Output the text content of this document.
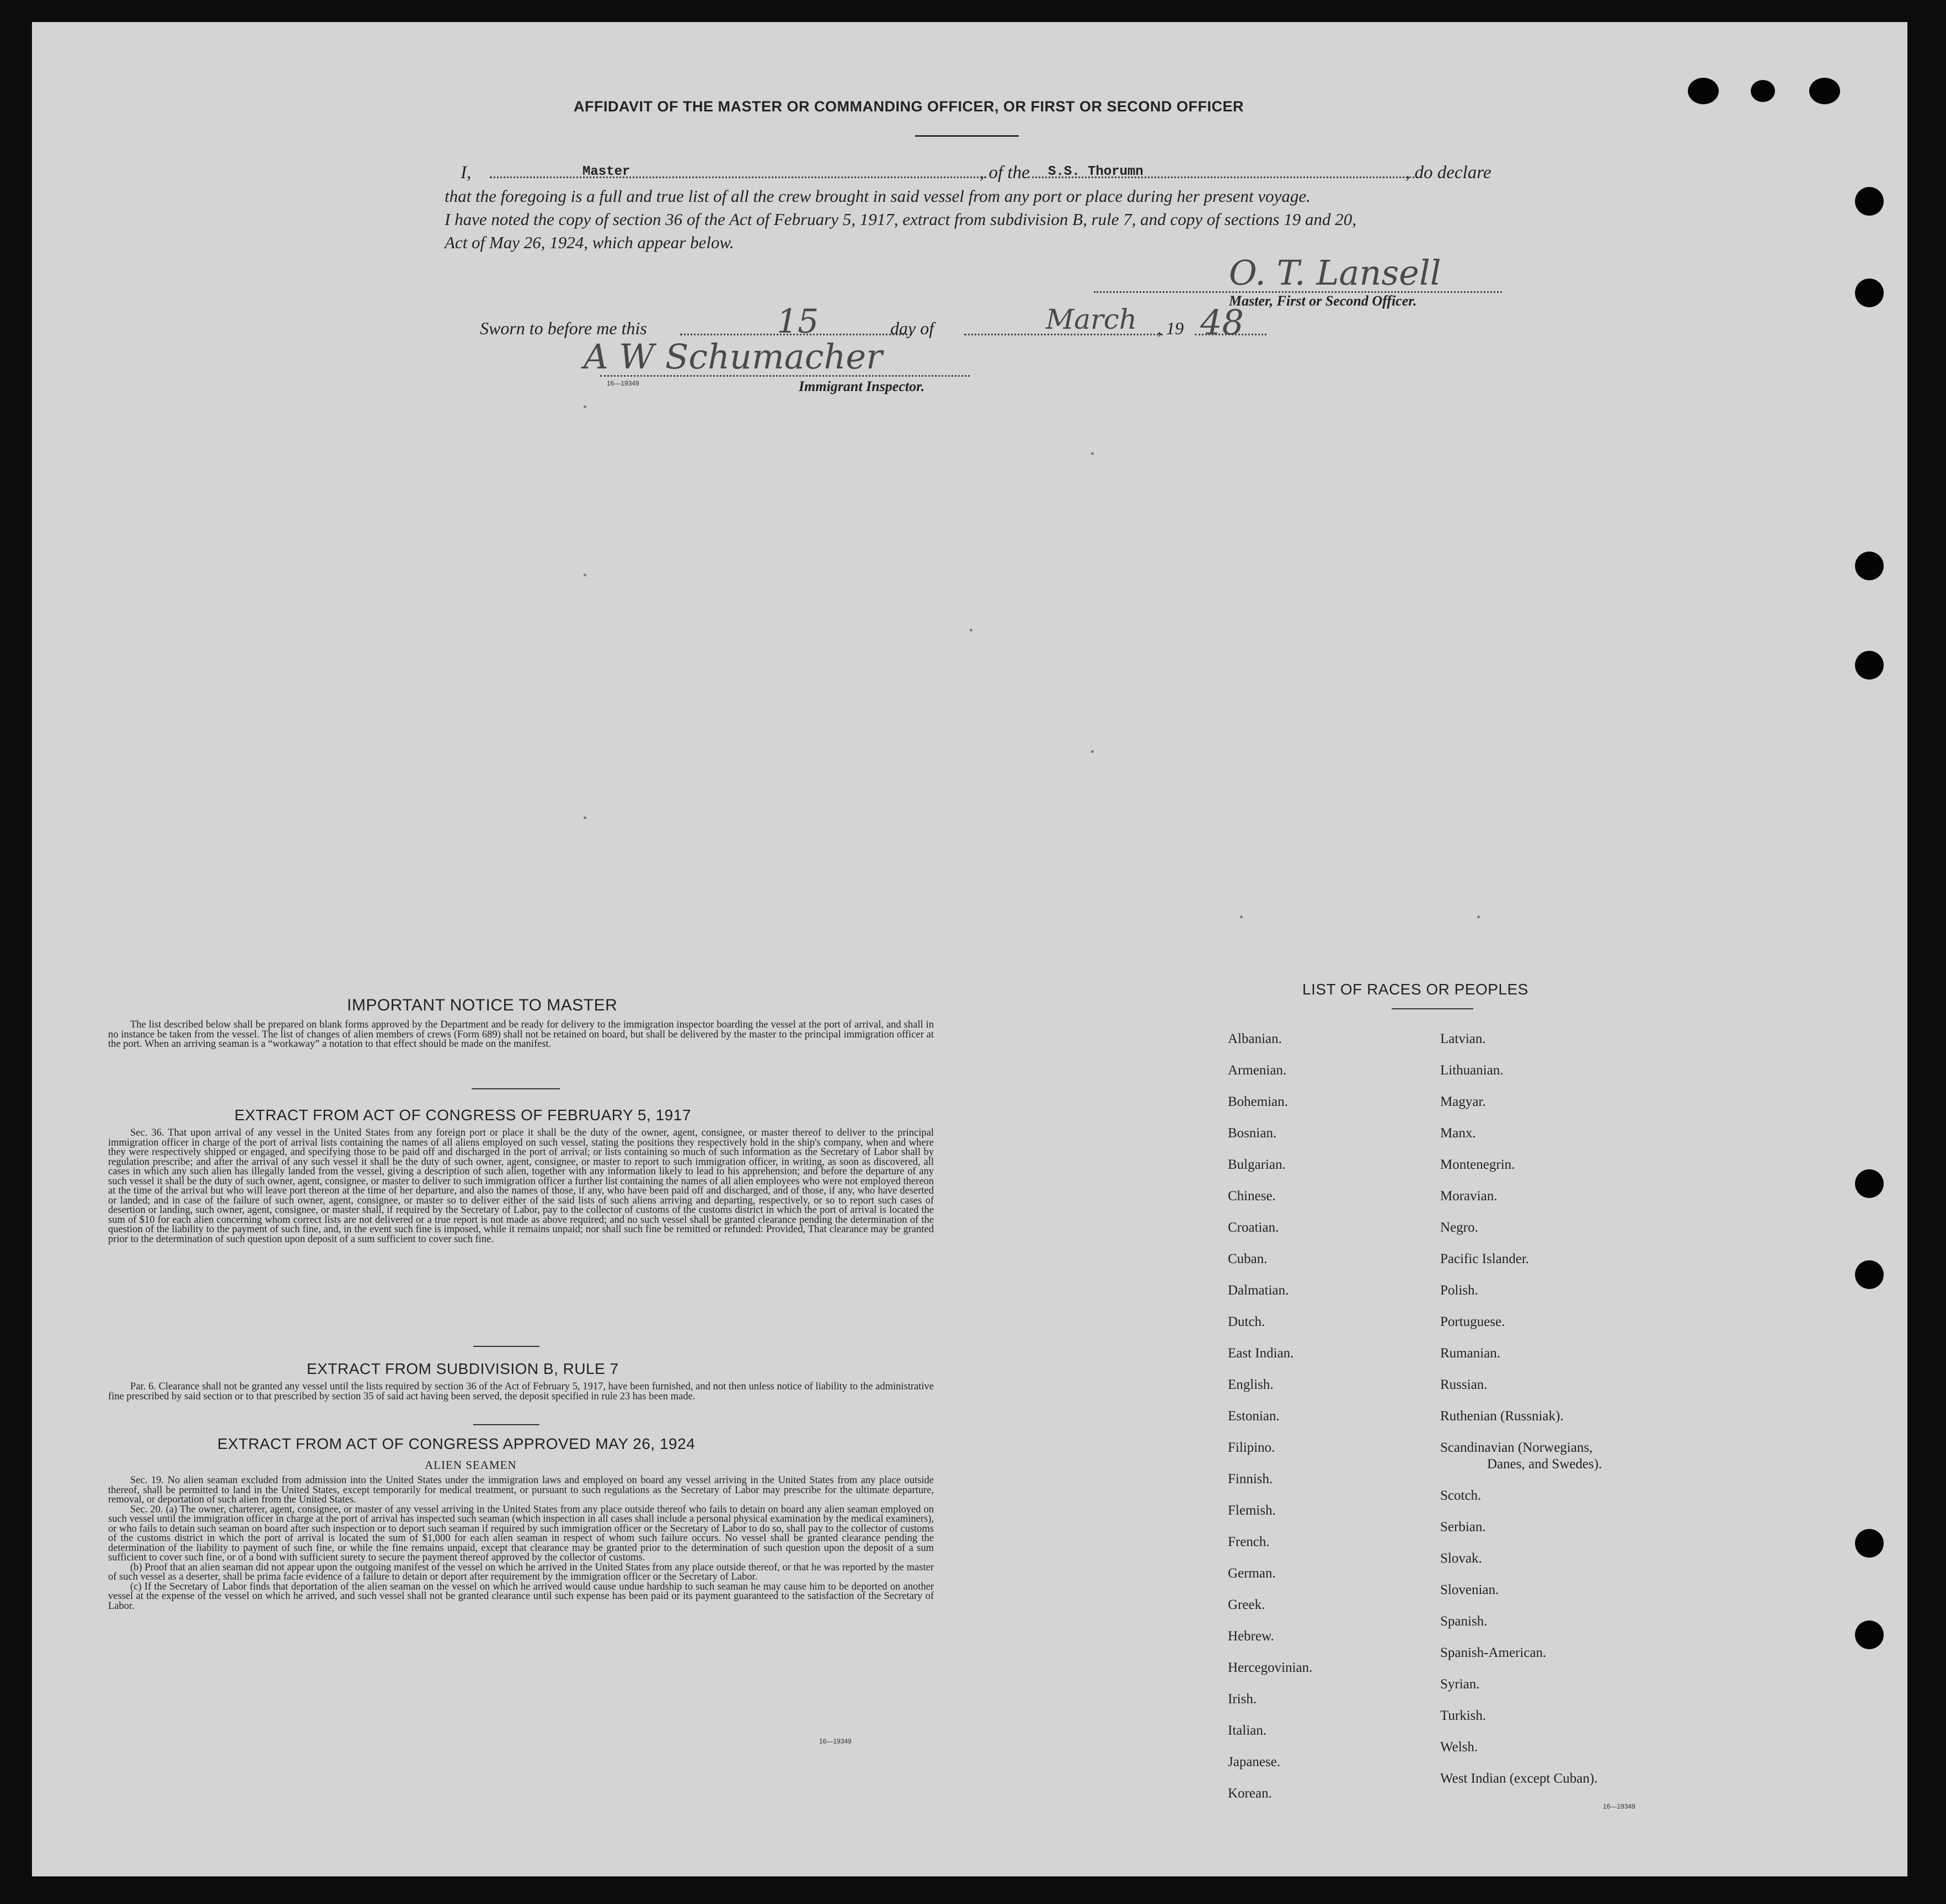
AFFIDAVIT OF THE MASTER OR COMMANDING OFFICER, OR FIRST OR SECOND OFFICER
I,	Master	, of the S.S. Thorumn	, do declare
that the foregoing is a full and true list of all the crew brought in said vessel from any port or place during her present voyage.
I have noted the copy of section 36 of the Act of February 5, 1917, extract from subdivision B, rule 7, and copy of sections 19 and 20,
Act of May 26, 1924, which appear below.
O. T. Lansell
Master, First or Second Officer.
Sworn to before me this	15	day of	March , 19 48
A W Schumacher
16—19349	Immigrant Inspector.
IMPORTANT NOTICE TO MASTER

The list described below shall be prepared on blank forms approved by the Department and be ready for delivery to the immigration inspector boarding the vessel at the port of arrival, and shall in no instance be taken from the vessel. The list of changes of alien members of crews (Form 689) shall not be retained on board, but shall be delivered by the master to the principal immigration officer at the port. When an arriving seaman is a “workaway” a notation to that effect should be made on the manifest.

EXTRACT FROM ACT OF CONGRESS OF FEBRUARY 5, 1917

Sec. 36. That upon arrival of any vessel in the United States from any foreign port or place it shall be the duty of the owner, agent, consignee, or master thereof to deliver to the principal immigration officer in charge of the port of arrival lists containing the names of all aliens employed on such vessel, stating the positions they respectively hold in the ship's company, when and where they were respectively shipped or engaged, and specifying those to be paid off and discharged in the port of arrival; or lists containing so much of such information as the Secretary of Labor shall by regulation prescribe; and after the arrival of any such vessel it shall be the duty of such owner, agent, consignee, or master to report to such immigration officer, in writing, as soon as discovered, all cases in which any such alien has illegally landed from the vessel, giving a description of such alien, together with any information likely to lead to his apprehension; and before the departure of any such vessel it shall be the duty of such owner, agent, consignee, or master to deliver to such immigration officer a further list containing the names of all alien employees who were not employed thereon at the time of the arrival but who will leave port thereon at the time of her departure, and also the names of those, if any, who have been paid off and discharged, and of those, if any, who have deserted or landed; and in case of the failure of such owner, agent, consignee, or master so to deliver either of the said lists of such aliens arriving and departing, respectively, or so to report such cases of desertion or landing, such owner, agent, consignee, or master shall, if required by the Secretary of Labor, pay to the collector of customs of the customs district in which the port of arrival is located the sum of $10 for each alien concerning whom correct lists are not delivered or a true report is not made as above required; and no such vessel shall be granted clearance pending the determination of the question of the liability to the payment of such fine, and, in the event such fine is imposed, while it remains unpaid; nor shall such fine be remitted or refunded: Provided, That clearance may be granted prior to the determination of such question upon deposit of a sum sufficient to cover such fine.

EXTRACT FROM SUBDIVISION B, RULE 7

Par. 6. Clearance shall not be granted any vessel until the lists required by section 36 of the Act of February 5, 1917, have been furnished, and not then unless notice of liability to the administrative fine prescribed by said section or to that prescribed by section 35 of said act having been served, the deposit specified in rule 23 has been made.

EXTRACT FROM ACT OF CONGRESS APPROVED MAY 26, 1924
ALIEN SEAMEN

Sec. 19. No alien seaman excluded from admission into the United States under the immigration laws and employed on board any vessel arriving in the United States from any place outside thereof, shall be permitted to land in the United States, except temporarily for medical treatment, or pursuant to such regulations as the Secretary of Labor may prescribe for the ultimate departure, removal, or deportation of such alien from the United States.

Sec. 20. (a) The owner, charterer, agent, consignee, or master of any vessel arriving in the United States from any place outside thereof who fails to detain on board any alien seaman employed on such vessel until the immigration officer in charge at the port of arrival has inspected such seaman (which inspection in all cases shall include a personal physical examination by the medical examiners), or who fails to detain such seaman on board after such inspection or to deport such seaman if required by such immigration officer or the Secretary of Labor to do so, shall pay to the collector of customs of the customs district in which the port of arrival is located the sum of $1,000 for each alien seaman in respect of whom such failure occurs. No vessel shall be granted clearance pending the determination of the liability to payment of such fine, or while the fine remains unpaid, except that clearance may be granted prior to the determination of such question upon the deposit of a sum sufficient to cover such fine, or of a bond with sufficient surety to secure the payment thereof approved by the collector of customs.

(b) Proof that an alien seaman did not appear upon the outgoing manifest of the vessel on which he arrived in the United States from any place outside thereof, or that he was reported by the master of such vessel as a deserter, shall be prima facie evidence of a failure to detain or deport after requirement by the immigration officer or the Secretary of Labor.

(c) If the Secretary of Labor finds that deportation of the alien seaman on the vessel on which he arrived would cause undue hardship to such seaman he may cause him to be deported on another vessel at the expense of the vessel on which he arrived, and such vessel shall not be granted clearance until such expense has been paid or its payment guaranteed to the satisfaction of the Secretary of Labor.

16—19349
LIST OF RACES OR PEOPLES
16—19349
Albanian.
Armenian.
Bohemian.
Bosnian.
Bulgarian.
Chinese.
Croatian.
Cuban.
Dalmatian.
Dutch.
East Indian.
English.
Estonian.
Filipino.
Finnish.
Flemish.
French.
German.
Greek.
Hebrew.
Hercegovinian.
Irish.
Italian.
Japanese.
Korean.
Latvian.
Lithuanian.
Magyar.
Manx.
Montenegrin.
Moravian.
Negro.
Pacific Islander.
Polish.
Portuguese.
Rumanian.
Russian.
Ruthenian (Russniak).
Scandinavian (Norwegians,
Danes, and Swedes).
Scotch.
Serbian.
Slovak.
Slovenian.
Spanish.
Spanish-American.
Syrian.
Turkish.
Welsh.
West Indian (except Cuban).
